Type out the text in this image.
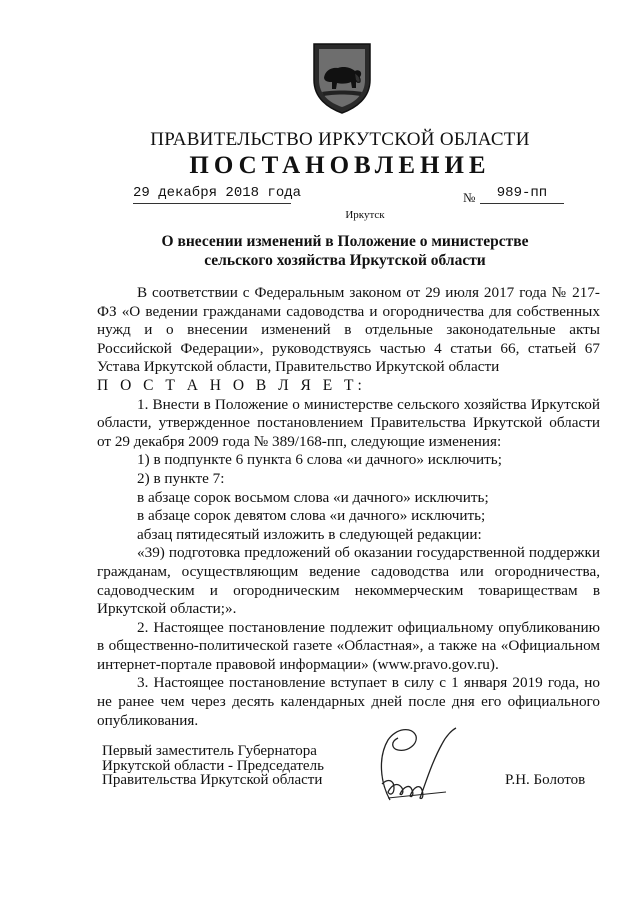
ПРАВИТЕЛЬСТВО ИРКУТСКОЙ ОБЛАСТИ
ПОСТАНОВЛЕНИЕ
29 декабря 2018 года	№	989-пп
Иркутск
О внесении изменений в Положение о министерстве
сельского хозяйства Иркутской области

В соответствии с Федеральным законом от 29 июля 2017 года № 217-ФЗ «О ведении гражданами садоводства и огородничества для собственных нужд и о внесении изменений в отдельные законодательные акты Российской Федерации», руководствуясь частью 4 статьи 66, статьей 67 Устава Иркутской области, Правительство Иркутской области

П О С Т А Н О В Л Я Е Т:

1. Внести в Положение о министерстве сельского хозяйства Иркутской области, утвержденное постановлением Правительства Иркутской области от 29 декабря 2009 года № 389/168-пп, следующие изменения:

1) в подпункте 6 пункта 6 слова «и дачного» исключить;

2) в пункте 7:

в абзаце сорок восьмом слова «и дачного» исключить;

в абзаце сорок девятом слова «и дачного» исключить;

абзац пятидесятый изложить в следующей редакции:

«39) подготовка предложений об оказании государственной поддержки гражданам, осуществляющим ведение садоводства или огородничества, садоводческим и огородническим некоммерческим товариществам в Иркутской области;».

2. Настоящее постановление подлежит официальному опубликованию в общественно-политической газете «Областная», а также на «Официальном интернет-портале правовой информации» (www.pravo.gov.ru).

3. Настоящее постановление вступает в силу с 1 января 2019 года, но не ранее чем через десять календарных дней после дня его официального опубликования.

Первый заместитель Губернатора
Иркутской области - Председатель
Правительства Иркутской области	Р.Н. Болотов
